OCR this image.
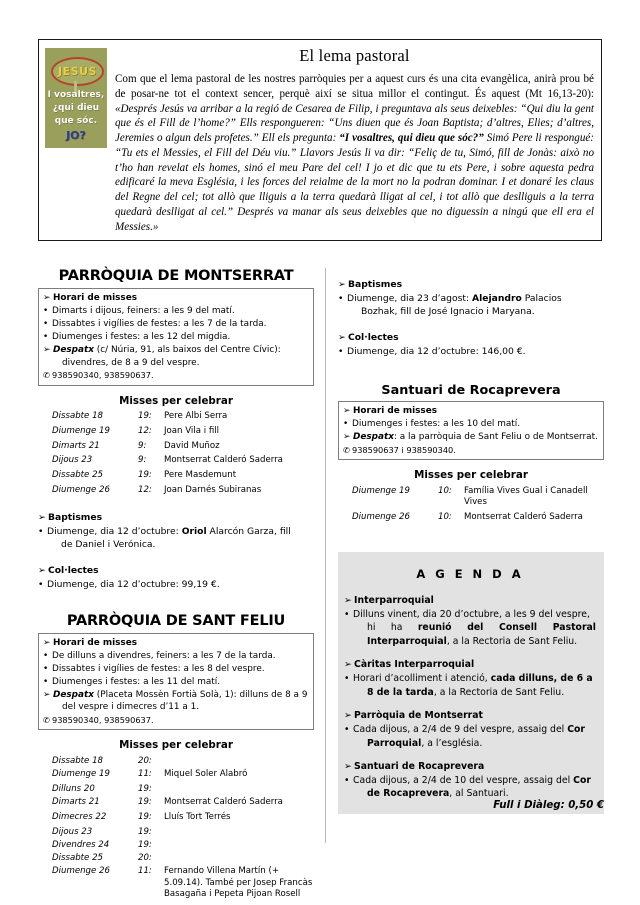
JESÚS
I vosaltres,
¿qui dieu
que sóc.
JO?
El lema pastoral
Com que el lema pastoral de les nostres parròquies per a aquest curs és una cita evangèlica, anirà prou bé de posar-ne tot el context sencer, perquè així se situa millor el contingut. És aquest (Mt 16,13-20): «Després Jesús va arribar a la regió de Cesarea de Filip, i preguntava als seus deixebles: “Qui diu la gent que és el Fill de l’home?” Ells respongueren: “Uns diuen que és Joan Baptista; d’altres, Elies; d’altres, Jeremies o algun dels profetes.” Ell els pregunta: “I vosaltres, qui dieu que sóc?” Simó Pere li respongué: “Tu ets el Messies, el Fill del Déu viu.” Llavors Jesús li va dir: “Feliç de tu, Simó, fill de Jonàs: això no t’ho han revelat els homes, sinó el meu Pare del cel! I jo et dic que tu ets Pere, i sobre aquesta pedra edificaré la meva Església, i les forces del reialme de la mort no la podran dominar. I et donaré les claus del Regne del cel; tot allò que lliguis a la terra quedarà lligat al cel, i tot allò que deslliguis a la terra quedarà deslligat al cel.” Després va manar als seus deixebles que no diguessin a ningú que ell era el Messies.»
PARRÒQUIA DE MONTSERRAT
➢ Horari de misses
• Dimarts i dijous, feiners: a les 9 del matí.
• Dissabtes i vigílies de festes: a les 7 de la tarda.
• Diumenges i festes: a les 12 del migdia.
➢ Despatx (c/ Núria, 91, als baixos del Centre Cívic):
divendres, de 8 a 9 del vespre.
✆ 938590340, 938590637.
Misses per celebrar
Dissabte 18	19:	Pere Albi Serra
Diumenge 19	12:	Joan Vila i fill
Dimarts 21	9:	David Muñoz
Dijous 23	9:	Montserrat Calderó Saderra
Dissabte 25	19:	Pere Masdemunt
Diumenge 26	12:	Joan Darnés Subiranas
➢ Baptismes
• Diumenge, dia 12 d’octubre: Oriol Alarcón Garza, fill
de Daniel i Verónica.
➢ Col·lectes
• Diumenge, dia 12 d’octubre: 99,19 €.
PARRÒQUIA DE SANT FELIU
➢ Horari de misses
• De dilluns a divendres, feiners: a les 7 de la tarda.
• Dissabtes i vigílies de festes: a les 8 del vespre.
• Diumenges i festes: a les 11 del matí.
➢ Despatx (Placeta Mossèn Fortià Solà, 1): dilluns de 8 a 9
del vespre i dimecres d’11 a 1.
✆ 938590340, 938590637.
Misses per celebrar
Dissabte 18	20:	
Diumenge 19	11:	Miquel Soler Alabró
Dilluns 20	19:	
Dimarts 21	19:	Montserrat Calderó Saderra
Dimecres 22	19:	Lluís Tort Terrés
Dijous 23	19:	
Divendres 24	19:	
Dissabte 25	20:	
Diumenge 26	11:	Fernando Villena Martín (+ 5.09.14). També per Josep Francàs Basagaña i Pepeta Pijoan Rosell
➢ Baptismes
• Diumenge, dia 23 d’agost: Alejandro Palacios
Bozhak, fill de José Ignacio i Maryana.
➢ Col·lectes
• Diumenge, dia 12 d’octubre: 146,00 €.
Santuari de Rocaprevera
➢ Horari de misses
• Diumenges i festes: a les 10 del matí.
➢ Despatx: a la parròquia de Sant Feliu o de Montserrat.
✆ 938590637 i 938590340.
Misses per celebrar
Diumenge 19	10:	Família Vives Gual i Canadell Vives
Diumenge 26	10:	Montserrat Calderó Saderra
A G E N D A
➢ Interparroquial
• Dilluns vinent, dia 20 d’octubre, a les 9 del vespre,
hi ha reunió del Consell Pastoral Interparroquial, a la Rectoria de Sant Feliu.
➢ Càritas Interparroquial
• Horari d’acolliment i atenció, cada dilluns, de 6 a
8 de la tarda, a la Rectoria de Sant Feliu.
➢ Parròquia de Montserrat
• Cada dijous, a 2/4 de 9 del vespre, assaig del Cor
Parroquial, a l’església.
➢ Santuari de Rocaprevera
• Cada dijous, a 2/4 de 10 del vespre, assaig del Cor
de Rocaprevera, al Santuari.
Full i Diàleg: 0,50 €
